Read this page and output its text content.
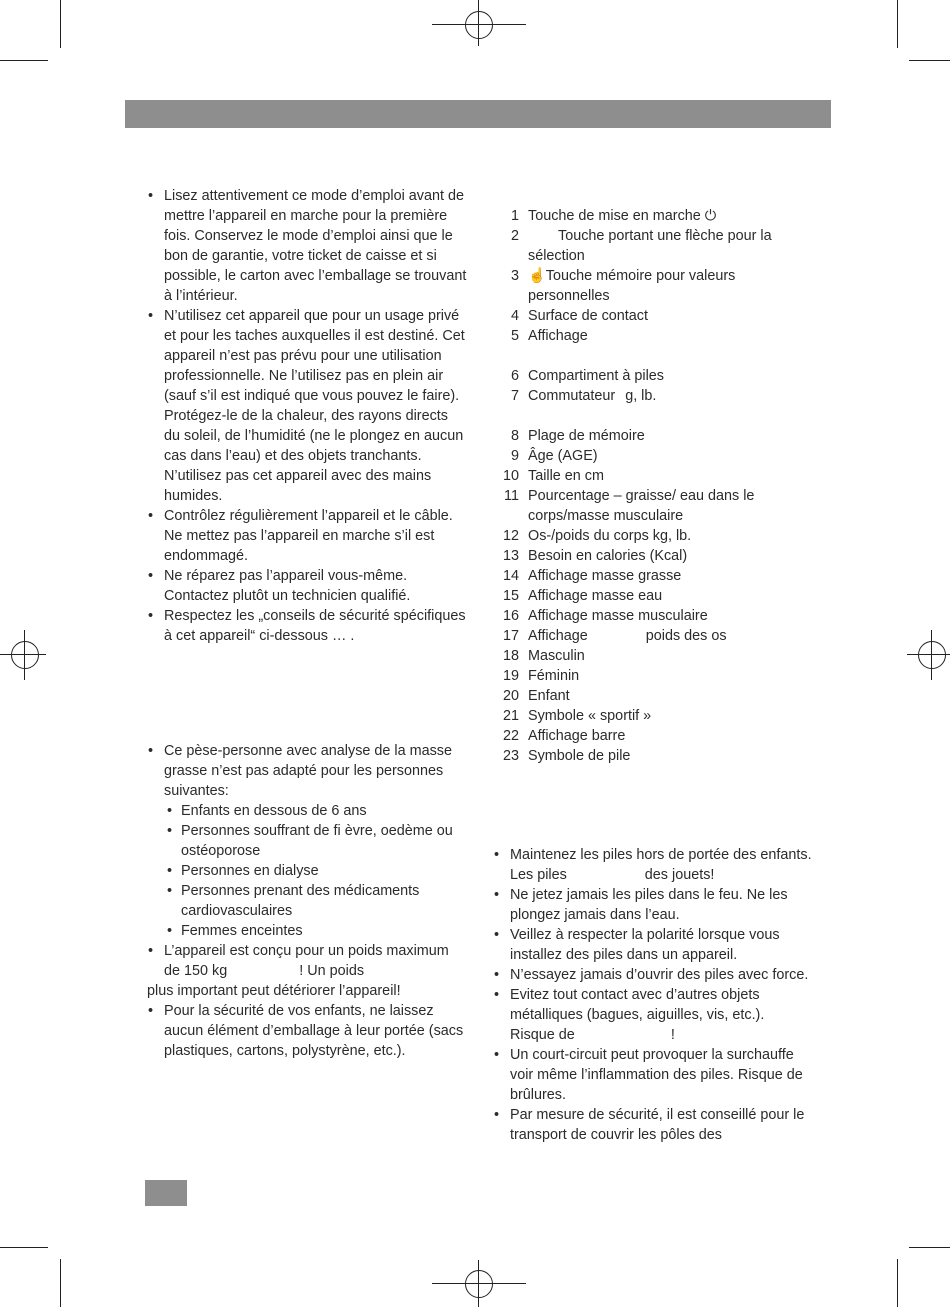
• Lisez attentivement ce mode d’emploi avant de mettre l’appareil en marche pour la première fois. Conservez le mode d’emploi ainsi que le bon de garantie, votre ticket de caisse et si possible, le carton avec l’emballage se trouvant à l’intérieur.
• N’utilisez cet appareil que pour un usage privé et pour les taches auxquelles il est destiné. Cet appareil n’est pas prévu pour une utilisation professionnelle. Ne l’utilisez pas en plein air (sauf s’il est indiqué que vous pouvez le faire). Protégez-le de la chaleur, des rayons directs du soleil, de l’humidité (ne le plongez en aucun cas dans l’eau) et des objets tranchants. N’utilisez pas cet appareil avec des mains humides.
• Contrôlez régulièrement l’appareil et le câble. Ne mettez pas l’appareil en marche s’il est endommagé.
• Ne réparez pas l’appareil vous-même. Contactez plutôt un technicien qualifié.
• Respectez les „conseils de sécurité spécifiques à cet appareil“ ci-dessous … .
• Ce pèse-personne avec analyse de la masse grasse n’est pas adapté pour les personnes suivantes:
• Enfants en dessous de 6 ans
• Personnes souffrant de fi èvre, oedème ou ostéoporose
• Personnes en dialyse
• Personnes prenant des médicaments cardiovasculaires
• Femmes enceintes
• L’appareil est conçu pour un poids maximum de 150 kg	! Un poids
plus important peut détériorer l’appareil!
• Pour la sécurité de vos enfants, ne laissez aucun élément d’emballage à leur portée (sacs plastiques, cartons, polystyrène, etc.).
1 Touche de mise en marche ⏻
2	Touche portant une flèche pour la sélection
3 ☝ Touche mémoire pour valeurs personnelles
4 Surface de contact
5 Affichage
6 Compartiment à piles
7 Commutateur g, lb.
8 Plage de mémoire
9 Âge (AGE)
10 Taille en cm
11 Pourcentage – graisse/ eau dans le corps/masse musculaire
12 Os-/poids du corps kg, lb.
13 Besoin en calories (Kcal)
14 Affichage masse grasse
15 Affichage masse eau
16 Affichage masse musculaire
17 Affichage	poids des os
18 Masculin
19 Féminin
20 Enfant
21 Symbole « sportif »
22 Affichage barre
23 Symbole de pile
• Maintenez les piles hors de portée des enfants. Les piles	des jouets!
• Ne jetez jamais les piles dans le feu. Ne les plongez jamais dans l’eau.
• Veillez à respecter la polarité lorsque vous installez des piles dans un appareil.
• N’essayez jamais d’ouvrir des piles avec force.
• Evitez tout contact avec d’autres objets métalliques (bagues, aiguilles, vis, etc.). Risque de	!
• Un court-circuit peut provoquer la surchauffe voir même l’inflammation des piles. Risque de brûlures.
• Par mesure de sécurité, il est conseillé pour le transport de couvrir les pôles des
